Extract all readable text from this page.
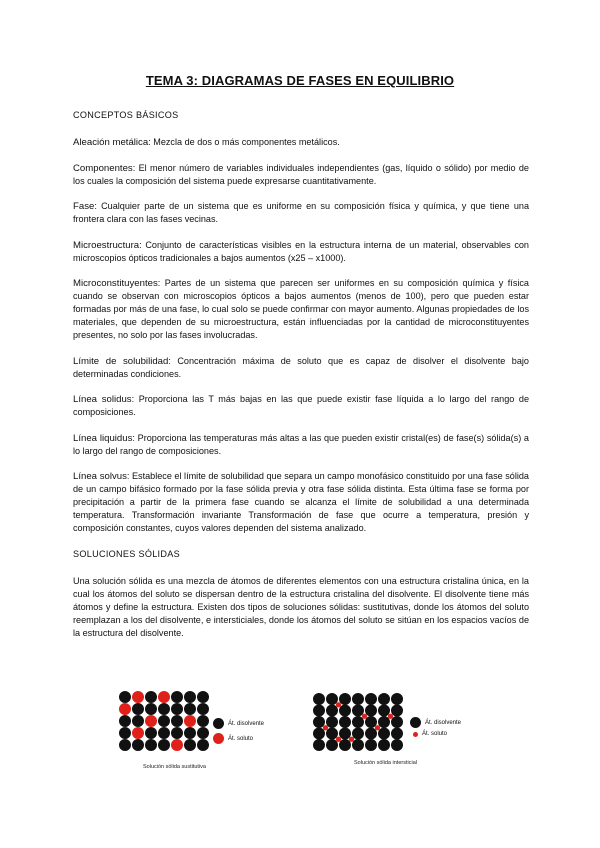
TEMA 3: DIAGRAMAS DE FASES EN EQUILIBRIO
CONCEPTOS BÁSICOS
Aleación metálica: Mezcla de dos o más componentes metálicos.
Componentes: El menor número de variables individuales independientes (gas, líquido o sólido) por medio de los cuales la composición del sistema puede expresarse cuantitativamente.
Fase: Cualquier parte de un sistema que es uniforme en su composición física y química, y que tiene una frontera clara con las fases vecinas.
Microestructura: Conjunto de características visibles en la estructura interna de un material, observables con microscopios ópticos tradicionales a bajos aumentos (x25 – x1000).
Microconstituyentes: Partes de un sistema que parecen ser uniformes en su composición química y física cuando se observan con microscopios ópticos a bajos aumentos (menos de 100), pero que pueden estar formadas por más de una fase, lo cual solo se puede confirmar con mayor aumento. Algunas propiedades de los materiales, que dependen de su microestructura, están influenciadas por la cantidad de microconstituyentes presentes, no solo por las fases involucradas.
Límite de solubilidad: Concentración máxima de soluto que es capaz de disolver el disolvente bajo determinadas condiciones.
Línea solidus: Proporciona las T más bajas en las que puede existir fase líquida a lo largo del rango de composiciones.
Línea liquidus: Proporciona las temperaturas más altas a las que pueden existir cristal(es) de fase(s) sólida(s) a lo largo del rango de composiciones.
Línea solvus: Establece el límite de solubilidad que separa un campo monofásico constituido por una fase sólida de un campo bifásico formado por la fase sólida previa y otra fase sólida distinta. Esta última fase se forma por precipitación a partir de la primera fase cuando se alcanza el límite de solubilidad a una determinada temperatura. Transformación invariante Transformación de fase que ocurre a temperatura, presión y composición constantes, cuyos valores dependen del sistema analizado.
SOLUCIONES SÓLIDAS
Una solución sólida es una mezcla de átomos de diferentes elementos con una estructura cristalina única, en la cual los átomos del soluto se dispersan dentro de la estructura cristalina del disolvente. El disolvente tiene más átomos y define la estructura. Existen dos tipos de soluciones sólidas: sustitutivas, donde los átomos del soluto reemplazan a los del disolvente, e intersticiales, donde los átomos del soluto se sitúan en los espacios vacíos de la estructura del disolvente.
Át. disolvente
Át. soluto
Solución sólida sustitutiva
Át. disolvente
Át. soluto
Solución sólida intersticial
